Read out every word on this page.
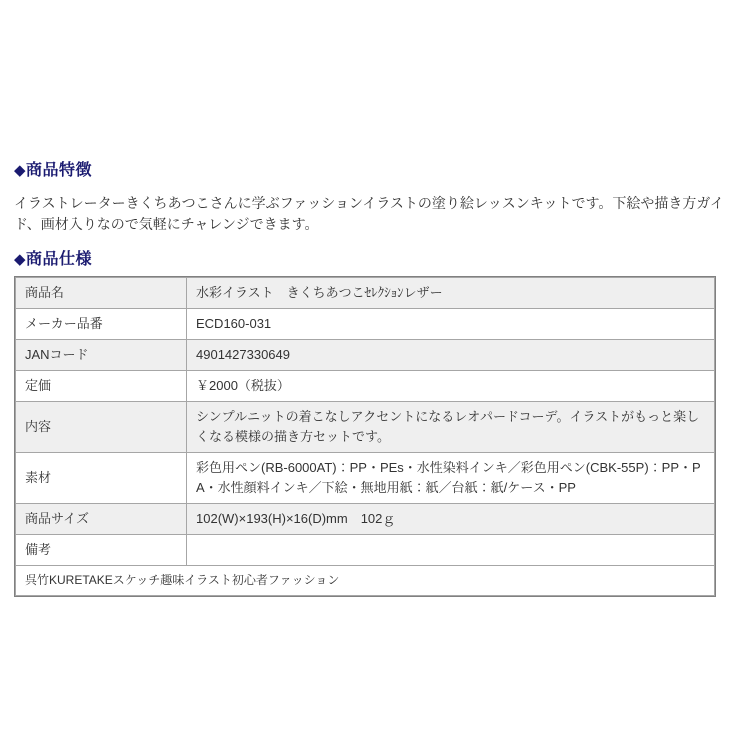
◆商品特徴

イラストレーターきくちあつこさんに学ぶファッションイラストの塗り絵レッスンキットです。下絵や描き方ガイド、画材入りなので気軽にチャレンジできます。

◆商品仕様
商品名	水彩イラスト　きくちあつこｾﾚｸｼｮﾝレザー
メーカー品番	ECD160-031
JANコード	4901427330649
定価	￥2000（税抜）
内容	シンプルニットの着こなしアクセントになるレオパードコーデ。イラストがもっと楽しくなる模様の描き方セットです。
素材	彩色用ペン(RB-6000AT)：PP・PEs・水性染料インキ／彩色用ペン(CBK-55P)：PP・PA・水性顔料インキ／下絵・無地用紙：紙／台紙：紙/ケース・PP
商品サイズ	102(W)×193(H)×16(D)mm　102ｇ
備考	
呉竹KURETAKEスケッチ趣味イラスト初心者ファッション	
